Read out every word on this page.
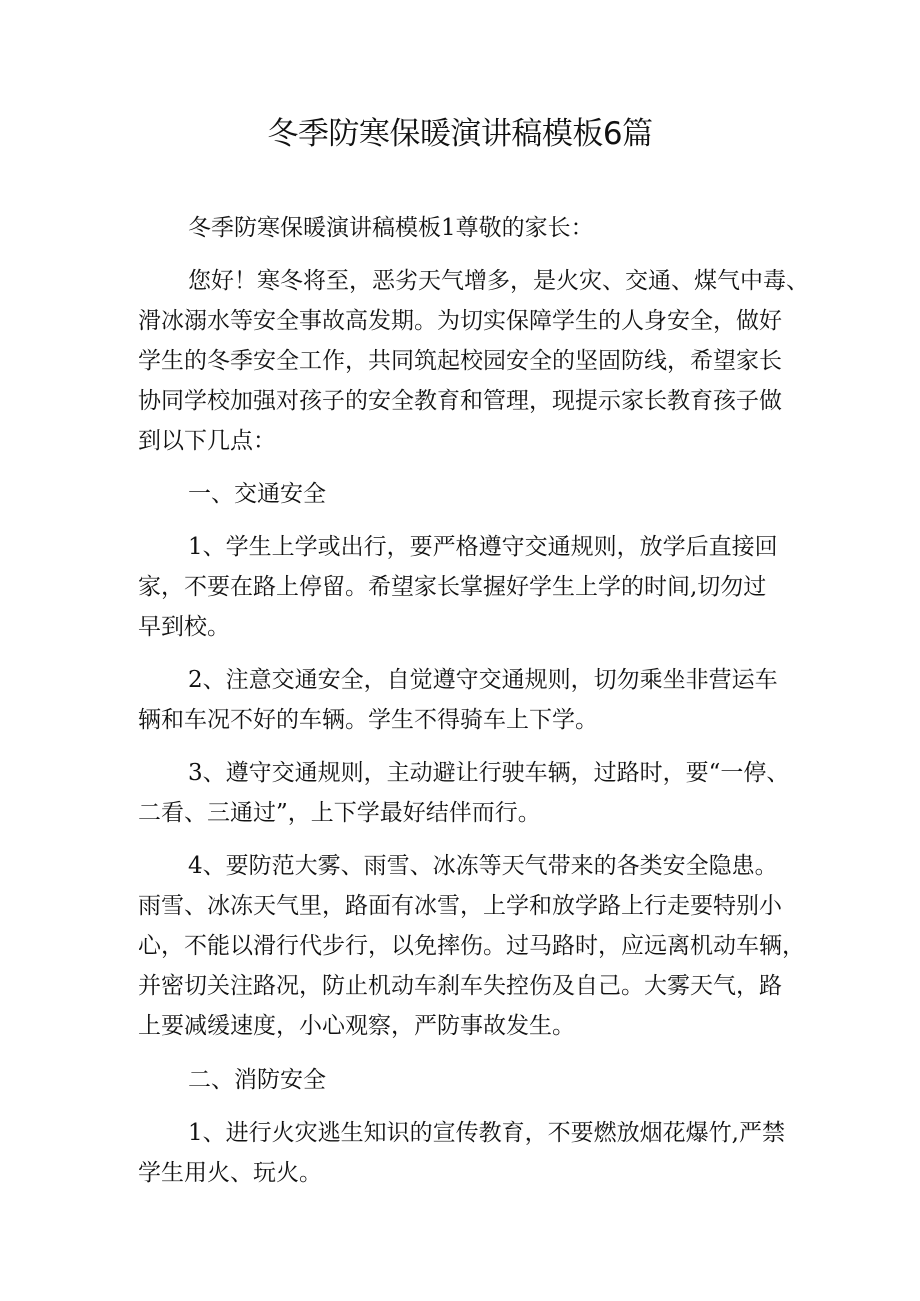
冬季防寒保暖演讲稿模板6篇
冬季防寒保暖演讲稿模板1尊敬的家长：
您好！寒冬将至，恶劣天气增多，是火灾、交通、煤气中毒、
滑冰溺水等安全事故高发期。为切实保障学生的人身安全，做好
学生的冬季安全工作，共同筑起校园安全的坚固防线，希望家长
协同学校加强对孩子的安全教育和管理，现提示家长教育孩子做
到以下几点：
一、交通安全
1、学生上学或出行，要严格遵守交通规则，放学后直接回
家，不要在路上停留。希望家长掌握好学生上学的时间,切勿过
早到校。
2、注意交通安全，自觉遵守交通规则，切勿乘坐非营运车
辆和车况不好的车辆。学生不得骑车上下学。
3、遵守交通规则，主动避让行驶车辆，过路时，要“一停、
二看、三通过”，上下学最好结伴而行。
4、要防范大雾、雨雪、冰冻等天气带来的各类安全隐患。
雨雪、冰冻天气里，路面有冰雪，上学和放学路上行走要特别小
心，不能以滑行代步行，以免摔伤。过马路时，应远离机动车辆，
并密切关注路况，防止机动车刹车失控伤及自己。大雾天气，路
上要减缓速度，小心观察，严防事故发生。
二、消防安全
1、进行火灾逃生知识的宣传教育，不要燃放烟花爆竹,严禁
学生用火、玩火。
